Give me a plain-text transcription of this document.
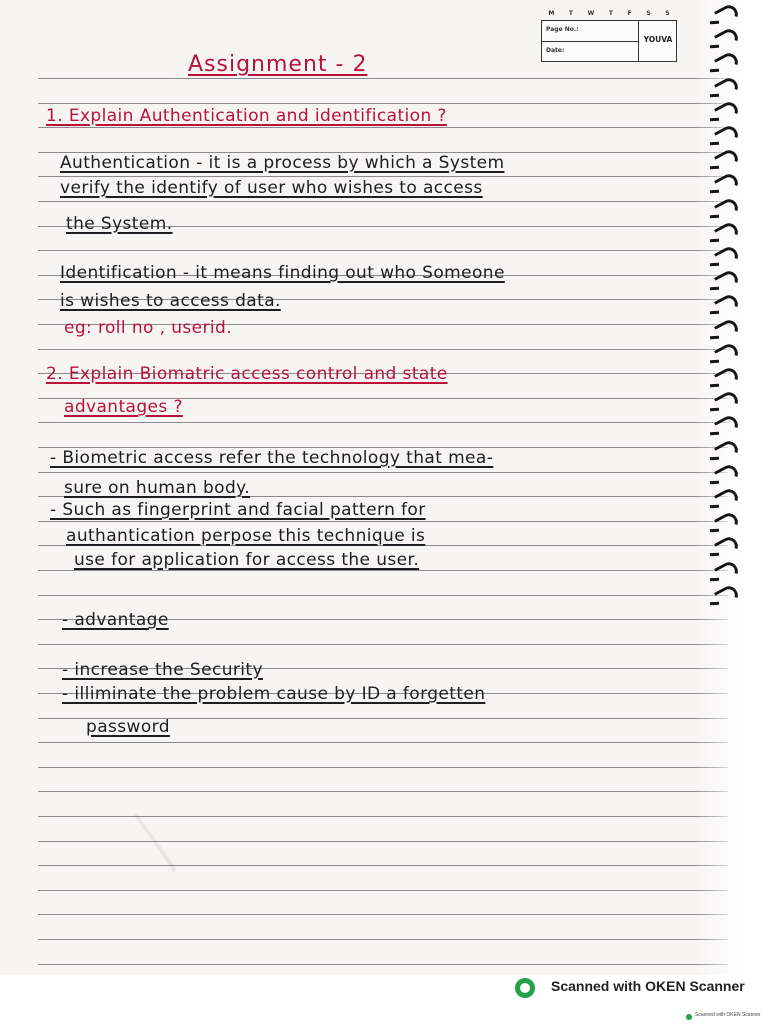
M T W T F S S
Page No.:
Date:
YOUVA
Assignment - 2
1. Explain Authentication and identification ?
Authentication - it is a process by which a System
verify the identify of user who wishes to access
the System.
Identification - it means finding out who Someone
is wishes to access data.
eg: roll no , userid.
2. Explain Biomatric access control and state
advantages ?
- Biometric access refer the technology that mea-
sure on human body.
- Such as fingerprint and facial pattern for
authantication perpose this technique is
use for application for access the user.
- advantage
- increase the Security
- illiminate the problem cause by ID a forgetten
password
Scanned with OKEN Scanner
Scanned with OKEN Scanner
